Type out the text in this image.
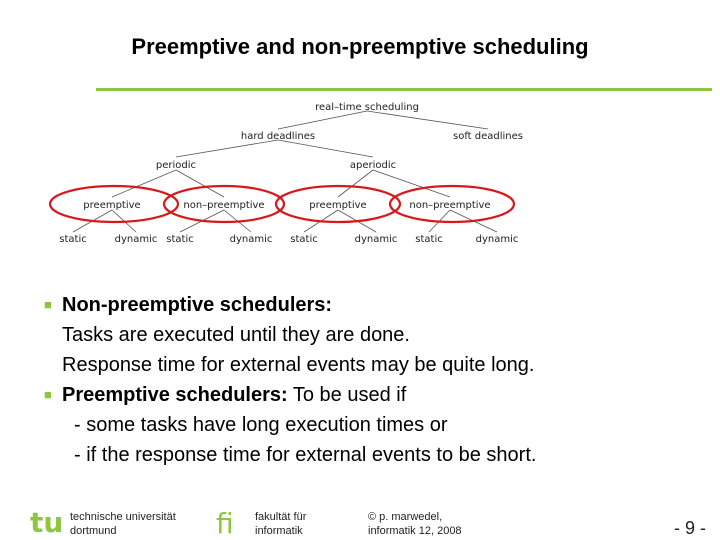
Preemptive and non-preemptive scheduling
real–time scheduling
hard deadlines	soft deadlines
periodic	aperiodic
preemptive	non–preemptive	preemptive	non–preemptive
static	dynamic static	dynamic static	dynamic static	dynamic
■ Non-preemptive schedulers:
Tasks are executed until they are done.
Response time for external events may be quite long.
■ Preemptive schedulers: To be used if
- some tasks have long execution times or
- if the response time for external events to be short.
tu technische universität
dortmund	fi fakultät für
informatik
© p. marwedel,
informatik 12, 2008	- 9 -
